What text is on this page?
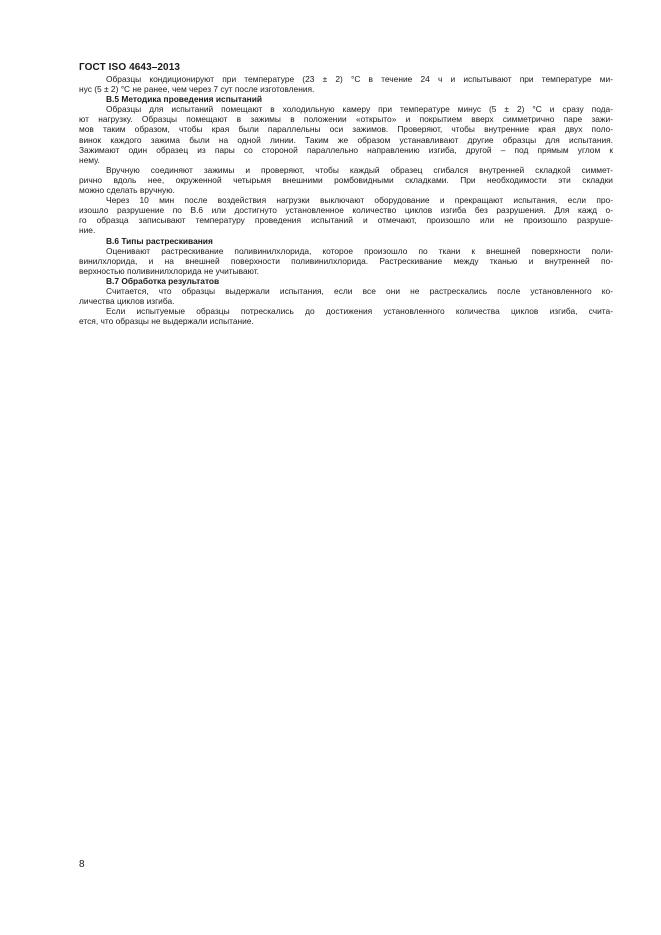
ГОСТ ISO 4643–2013
Образцы кондиционируют при температуре (23 ± 2) °С в течение 24 ч и испытывают при температуре ми-
нус (5 ± 2) °С не ранее, чем через 7 сут после изготовления.
B.5 Методика проведения испытаний
Образцы для испытаний помещают в холодильную камеру при температуре минус (5 ± 2) °С и сразу пода-
ют нагрузку. Образцы помещают в зажимы в положении «открыто» и покрытием вверх симметрично паре зажи-
мов таким образом, чтобы края были параллельны оси зажимов. Проверяют, чтобы внутренние края двух поло-
винок каждого зажима были на одной линии. Таким же образом устанавливают другие образцы для испытания.
Зажимают один образец из пары со стороной параллельно направлению изгиба, другой – под прямым углом к
нему.
Вручную соединяют зажимы и проверяют, чтобы каждый образец сгибался внутренней складкой симмет-
рично вдоль нее, окруженной четырьмя внешними ромбовидными складками. При необходимости эти складки
можно сделать вручную.
Через 10 мин после воздействия нагрузки выключают оборудование и прекращают испытания, если про-
изошло разрушение по B.6 или достигнуто установленное количество циклов изгиба без разрушения. Для кажд о-
го образца записывают температуру проведения испытаний и отмечают, произошло или не произошло разруше-
ние.
B.6 Типы растрескивания
Оценивают растрескивание поливинилхлорида, которое произошло по ткани к внешней поверхности поли-
винилхлорида, и на внешней поверхности поливинилхлорида. Растрескивание между тканью и внутренней по-
верхностью поливинилхлорида не учитывают.
B.7 Обработка результатов
Считается, что образцы выдержали испытания, если все они не растрескались после установленного ко-
личества циклов изгиба.
Если испытуемые образцы потрескались до достижения установленного количества циклов изгиба, счита-
ется, что образцы не выдержали испытание.
8
